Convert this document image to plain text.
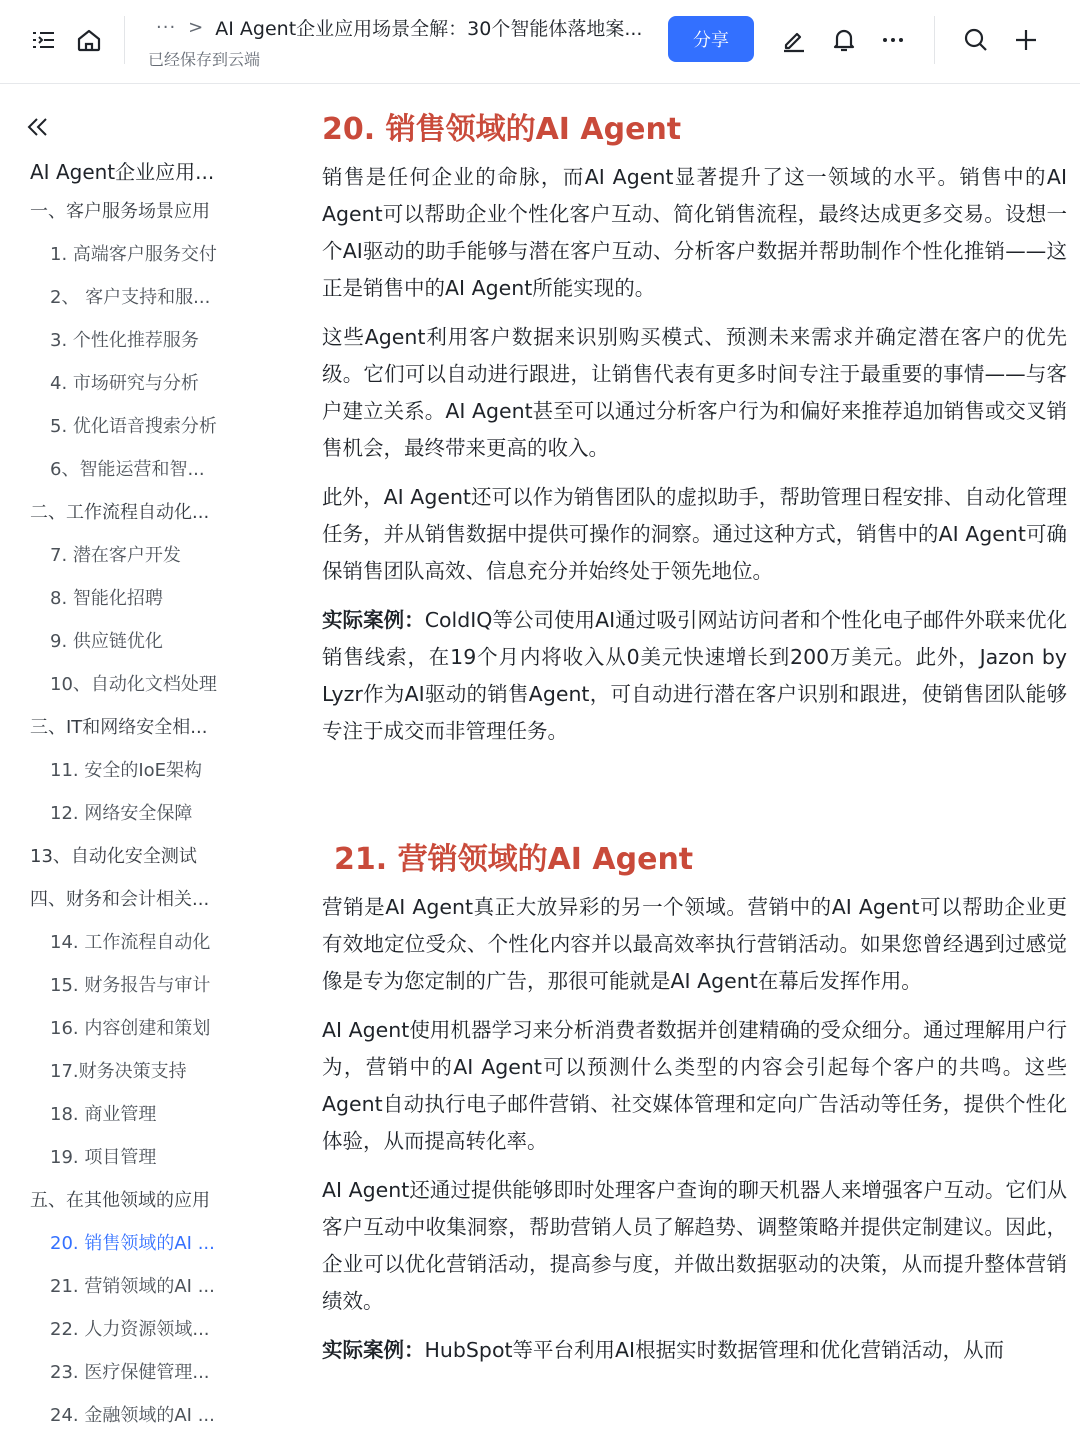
··· > AI Agent企业应用场景全解：30个智能体落地案...
已经保存到云端
分享
AI Agent企业应用...
一、客户服务场景应用
1. 高端客户服务交付
2、 客户支持和服...
3. 个性化推荐服务
4. 市场研究与分析
5. 优化语音搜索分析
6、智能运营和智...
二、工作流程自动化...
7. 潜在客户开发
8. 智能化招聘
9. 供应链优化
10、自动化文档处理
三、IT和网络安全相...
11. 安全的IoE架构
12. 网络安全保障
13、自动化安全测试
四、财务和会计相关...
14. 工作流程自动化
15. 财务报告与审计
16. 内容创建和策划
17.财务决策支持
18. 商业管理
19. 项目管理
五、在其他领域的应用
20. 销售领域的AI ...
21. 营销领域的AI ...
22. 人力资源领域...
23. 医疗保健管理...
24. 金融领域的AI ...
20. 销售领域的AI Agent

销售是任何企业的命脉，而AI Agent显著提升了这一领域的水平。销售中的AI Agent可以帮助企业个性化客户互动、简化销售流程，最终达成更多交易。设想一个AI驱动的助手能够与潜在客户互动、分析客户数据并帮助制作个性化推销——这正是销售中的AI Agent所能实现的。

这些Agent利用客户数据来识别购买模式、预测未来需求并确定潜在客户的优先级。它们可以自动进行跟进，让销售代表有更多时间专注于最重要的事情——与客户建立关系。AI Agent甚至可以通过分析客户行为和偏好来推荐追加销售或交叉销售机会，最终带来更高的收入。

此外，AI Agent还可以作为销售团队的虚拟助手，帮助管理日程安排、自动化管理任务，并从销售数据中提供可操作的洞察。通过这种方式，销售中的AI Agent可确保销售团队高效、信息充分并始终处于领先地位。

实际案例：ColdIQ等公司使用AI通过吸引网站访问者和个性化电子邮件外联来优化销售线索，在19个月内将收入从0美元快速增长到200万美元。此外，Jazon by Lyzr作为AI驱动的销售Agent，可自动进行潜在客户识别和跟进，使销售团队能够专注于成交而非管理任务。

21. 营销领域的AI Agent

营销是AI Agent真正大放异彩的另一个领域。营销中的AI Agent可以帮助企业更有效地定位受众、个性化内容并以最高效率执行营销活动。如果您曾经遇到过感觉像是专为您定制的广告，那很可能就是AI Agent在幕后发挥作用。

AI Agent使用机器学习来分析消费者数据并创建精确的受众细分。通过理解用户行为，营销中的AI Agent可以预测什么类型的内容会引起每个客户的共鸣。这些Agent自动执行电子邮件营销、社交媒体管理和定向广告活动等任务，提供个性化体验，从而提高转化率。

AI Agent还通过提供能够即时处理客户查询的聊天机器人来增强客户互动。它们从客户互动中收集洞察，帮助营销人员了解趋势、调整策略并提供定制建议。因此，企业可以优化营销活动，提高参与度，并做出数据驱动的决策，从而提升整体营销绩效。

实际案例：HubSpot等平台利用AI根据实时数据管理和优化营销活动，从而
